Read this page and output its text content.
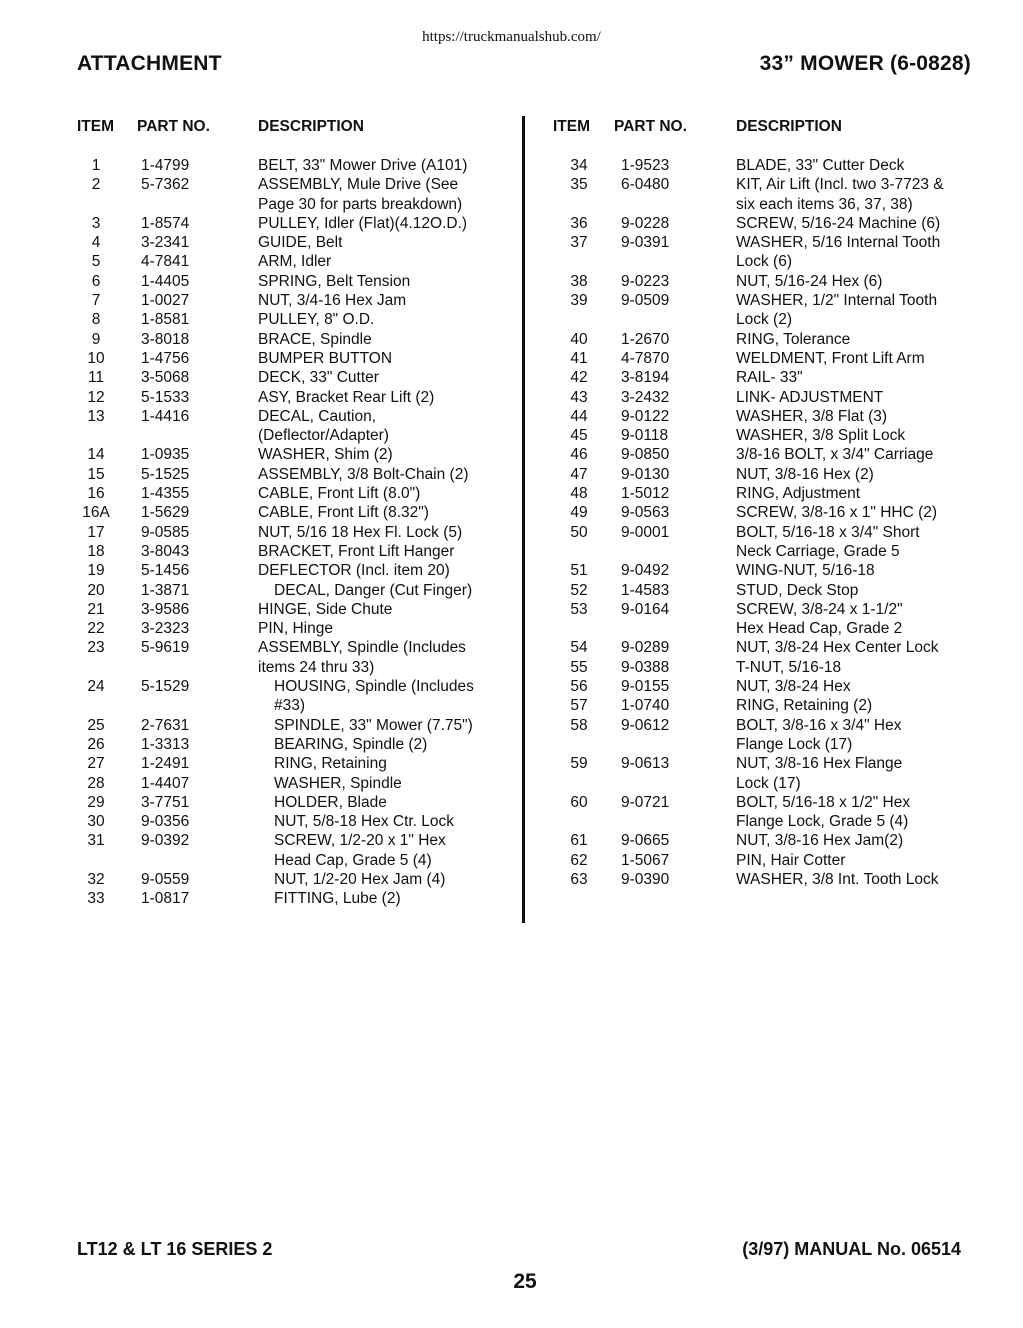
https://truckmanualshub.com/
ATTACHMENT	33” MOWER (6-0828)
ITEM PART NO.	DESCRIPTION	ITEM PART NO.	DESCRIPTION
1	1-4799	BELT, 33" Mower Drive (A101)
2	5-7362	ASSEMBLY, Mule Drive (See
Page 30 for parts breakdown)
3	1-8574	PULLEY, Idler (Flat)(4.12O.D.)
4	3-2341	GUIDE, Belt
5	4-7841	ARM, Idler
6	1-4405	SPRING, Belt Tension
7	1-0027	NUT, 3/4-16 Hex Jam
8	1-8581	PULLEY, 8" O.D.
9	3-8018	BRACE, Spindle
10	1-4756	BUMPER BUTTON
11	3-5068	DECK, 33" Cutter
12	5-1533	ASY, Bracket Rear Lift (2)
13	1-4416	DECAL, Caution,
(Deflector/Adapter)
14	1-0935	WASHER, Shim (2)
15	5-1525	ASSEMBLY, 3/8 Bolt-Chain (2)
16	1-4355	CABLE, Front Lift (8.0")
16A	1-5629	CABLE, Front Lift (8.32")
17	9-0585	NUT, 5/16 18 Hex Fl. Lock (5)
18	3-8043	BRACKET, Front Lift Hanger
19	5-1456	DEFLECTOR (Incl. item 20)
20	1-3871	DECAL, Danger (Cut Finger)
21	3-9586	HINGE, Side Chute
22	3-2323	PIN, Hinge
23	5-9619	ASSEMBLY, Spindle (Includes
items 24 thru 33)
24	5-1529	HOUSING, Spindle (Includes
#33)
25	2-7631	SPINDLE, 33" Mower (7.75")
26	1-3313	BEARING, Spindle (2)
27	1-2491	RING, Retaining
28	1-4407	WASHER, Spindle
29	3-7751	HOLDER, Blade
30	9-0356	NUT, 5/8-18 Hex Ctr. Lock
31	9-0392	SCREW, 1/2-20 x 1" Hex
Head Cap, Grade 5 (4)
32	9-0559	NUT, 1/2-20 Hex Jam (4)
33	1-0817	FITTING, Lube (2)
34	1-9523	BLADE, 33" Cutter Deck
35	6-0480	KIT, Air Lift (Incl. two 3-7723 &
six each items 36, 37, 38)
36	9-0228	SCREW, 5/16-24 Machine (6)
37	9-0391	WASHER, 5/16 Internal Tooth
Lock (6)
38	9-0223	NUT, 5/16-24 Hex (6)
39	9-0509	WASHER, 1/2" Internal Tooth
Lock (2)
40	1-2670	RING, Tolerance
41	4-7870	WELDMENT, Front Lift Arm
42	3-8194	RAIL- 33"
43	3-2432	LINK- ADJUSTMENT
44	9-0122	WASHER, 3/8 Flat (3)
45	9-0118	WASHER, 3/8 Split Lock
46	9-0850	3/8-16 BOLT, x 3/4" Carriage
47	9-0130	NUT, 3/8-16 Hex (2)
48	1-5012	RING, Adjustment
49	9-0563	SCREW, 3/8-16 x 1" HHC (2)
50	9-0001	BOLT, 5/16-18 x 3/4" Short
Neck Carriage, Grade 5
51	9-0492	WING-NUT, 5/16-18
52	1-4583	STUD, Deck Stop
53	9-0164	SCREW, 3/8-24 x 1-1/2"
Hex Head Cap, Grade 2
54	9-0289	NUT, 3/8-24 Hex Center Lock
55	9-0388	T-NUT, 5/16-18
56	9-0155	NUT, 3/8-24 Hex
57	1-0740	RING, Retaining (2)
58	9-0612	BOLT, 3/8-16 x 3/4" Hex
Flange Lock (17)
59	9-0613	NUT, 3/8-16 Hex Flange
Lock (17)
60	9-0721	BOLT, 5/16-18 x 1/2" Hex
Flange Lock, Grade 5 (4)
61	9-0665	NUT, 3/8-16 Hex Jam(2)
62	1-5067	PIN, Hair Cotter
63	9-0390	WASHER, 3/8 Int. Tooth Lock
LT12 & LT 16 SERIES 2	(3/97) MANUAL No. 06514
25
